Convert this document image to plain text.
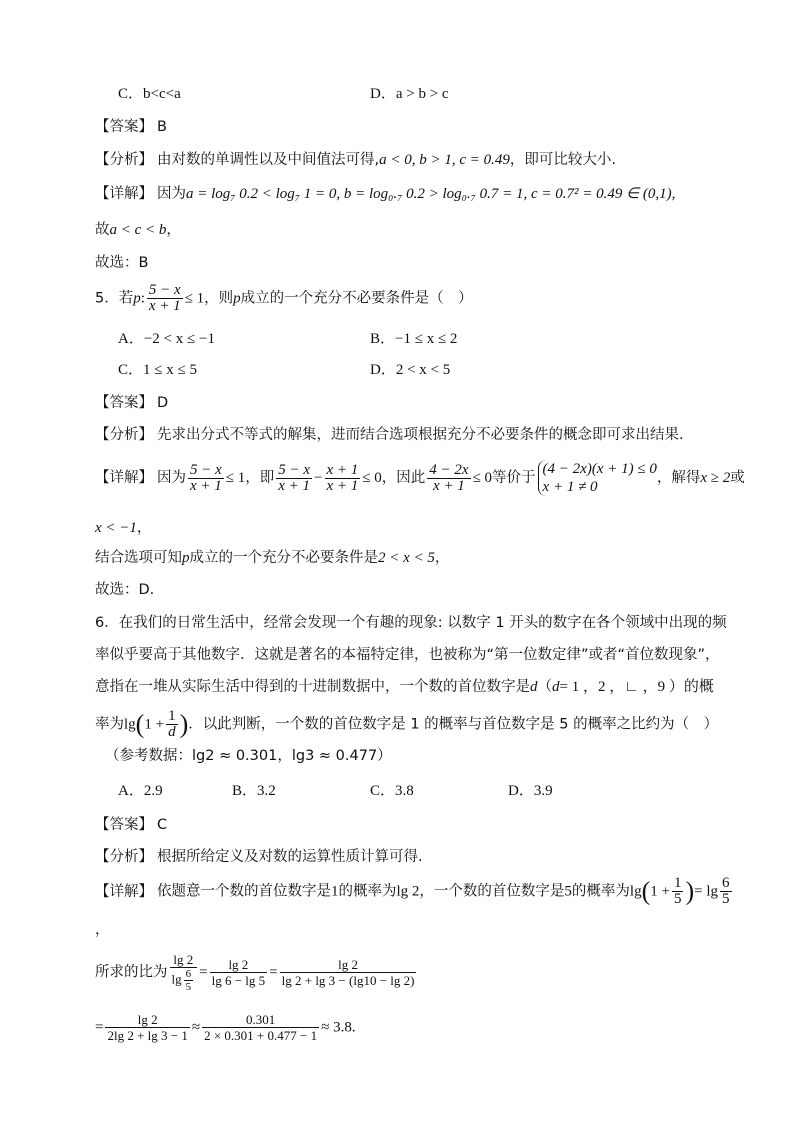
C．b<c<a	D．a > b > c
【答案】 B
【分析】 由对数的单调性以及中间值法可得,a < 0, b > 1, c = 0.49，即可比较大小.
【详解】 因为a = log₇ 0.2 < log₇ 1 = 0, b = log₀.₇ 0.2 > log₀.₇ 0.7 = 1, c = 0.7² = 0.49 ∈ (0,1),
故a < c < b，
故选：B
5．若p: $\frac{5 - x}{x + 1} \le 1$，则p成立的一个充分不必要条件是（　）
A．−2 < x ≤ −1	B．−1 ≤ x ≤ 2
C．1 ≤ x ≤ 5	D．2 < x < 5
【答案】 D
【分析】 先求出分式不等式的解集，进而结合选项根据充分不必要条件的概念即可求出结果.
【详解】 因为 $\frac{5 - x}{x + 1} \le 1$，即 $\frac{5 - x}{x + 1} - \frac{x + 1}{x + 1} \le 0$，因此 $\frac{4 - 2x}{x + 1} \le 0$等价于
(4 − 2x)(x + 1) ≤ 0
x + 1 ≠ 0
，解得x ≥ 2或
x < −1，
结合选项可知p成立的一个充分不必要条件是2 < x < 5，
故选：D.
6．在我们的日常生活中，经常会发现一个有趣的现象: 以数字 1 开头的数字在各个领域中出现的频
率似乎要高于其他数字．这就是著名的本福特定律，也被称为“第一位数定律”或者“首位数现象”，
意指在一堆从实际生活中得到的十进制数据中，一个数的首位数字是d（d= 1 ，2 ，∟ ，9 ）的概
率为$\lg(1 + \frac{1}{d}$ )．以此判断，一个数的首位数字是 1 的概率与首位数字是 5 的概率之比约为（　）
（参考数据：lg2 ≈ 0.301，lg3 ≈ 0.477）
A．2.9	B．3.2	C．3.8	D．3.9
【答案】 C
【分析】 根据所给定义及对数的运算性质计算可得.
【详解】 依题意一个数的首位数字是1的概率为lg 2，一个数的首位数字是5的概率为$\lg(1 + \frac{1}{5}$ )= $\lg \frac{6}{5}$
，
所求的比为 $\frac{\lg 2}{\lg \frac{6}{5}} = \frac{\lg 2}{\lg 6 - \lg 5} = \frac{\lg 2}{\lg 2 + \lg 3 - (\lg 10 - \lg 2)}$
= $\frac{\lg 2}{2\lg 2 + \lg 3 - 1} \approx \frac{0.301}{2 \times 0.301 + 0.477 - 1} \approx 3.8$.
